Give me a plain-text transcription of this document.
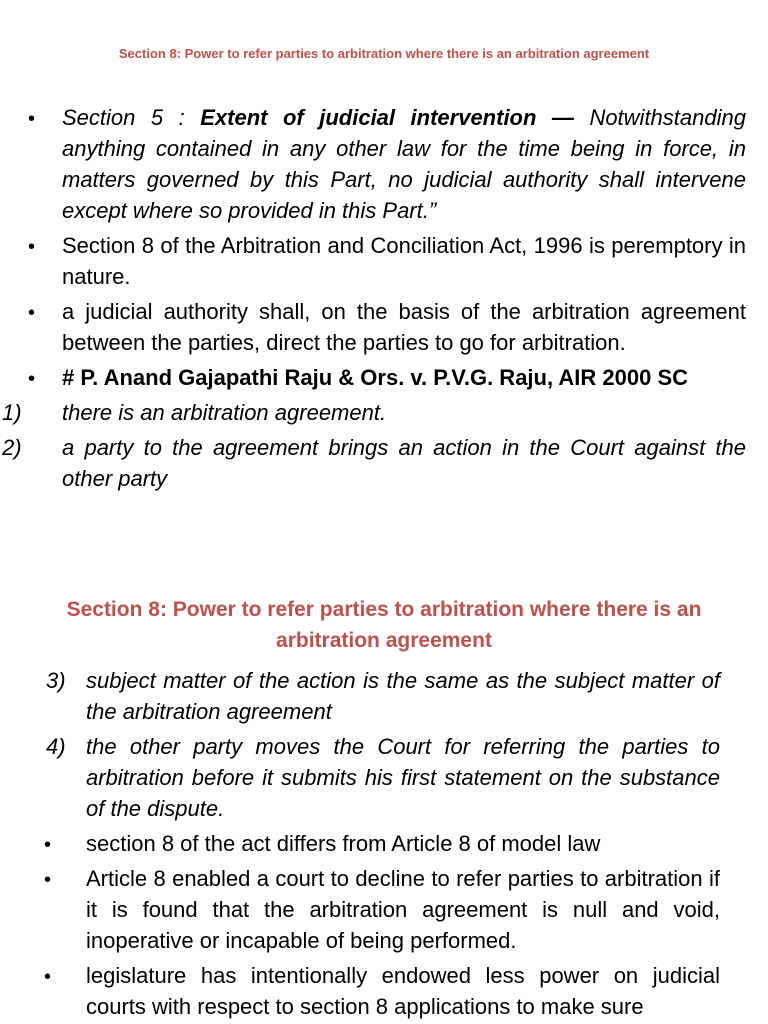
Section 8: Power to refer parties to arbitration where there is an arbitration agreement
•
Section 5 : Extent of judicial intervention — Notwithstanding anything contained in any other law for the time being in force, in matters governed by this Part, no judicial authority shall intervene except where so provided in this Part.”
•
Section 8 of the Arbitration and Conciliation Act, 1996 is peremptory in nature.
•
a judicial authority shall, on the basis of the arbitration agreement between the parties, direct the parties to go for arbitration.
•
# P. Anand Gajapathi Raju & Ors. v. P.V.G. Raju, AIR 2000 SC
1)	there is an arbitration agreement.
2)	a party to the agreement brings an action in the Court against the other party
Section 8: Power to refer parties to arbitration where there is an arbitration agreement
3) subject matter of the action is the same as the subject matter of the arbitration agreement
4) the other party moves the Court for referring the parties to arbitration before it submits his first statement on the substance of the dispute.
•
section 8 of the act differs from Article 8 of model law
•
Article 8 enabled a court to decline to refer parties to arbitration if it is found that the arbitration agreement is null and void, inoperative or incapable of being performed.
•
legislature has intentionally endowed less power on judicial courts with respect to section 8 applications to make sure
